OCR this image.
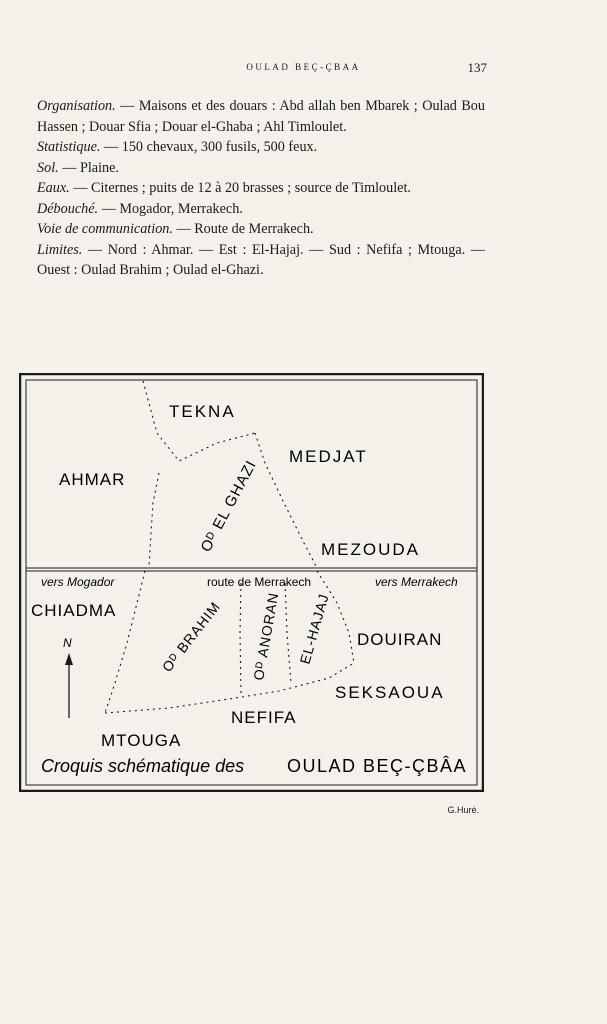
OULAD BEÇ-ÇBAA	137

Organisation. — Maisons et des douars : Abd allah ben Mbarek ; Oulad Bou Hassen ; Douar Sfia ; Douar el-Ghaba ; Ahl Timloulet.

Statistique. — 150 chevaux, 300 fusils, 500 feux.

Sol. — Plaine.

Eaux. — Citernes ; puits de 12 à 20 brasses ; source de Timloulet.

Débouché. — Mogador, Merrakech.

Voie de communication. — Route de Merrakech.

Limites. — Nord : Ahmar. — Est : El-Hajaj. — Sud : Nefifa ; Mtouga. — Ouest : Oulad Brahim ; Oulad el-Ghazi.

N
TEKNA
MEDJAT
AHMAR
MEZOUDA
CHIADMA
DOUIRAN
SEKSAOUA
NEFIFA
MTOUGA
Oᴰ EL GHAZI
Oᴰ BRAHIM Oᴰ ANORAN EL-HAJAJ
vers Mogador	route de Merrakech	vers Merrakech
Croquis schématique des OULAD BEÇ-ÇBÂA
G.Huré.
